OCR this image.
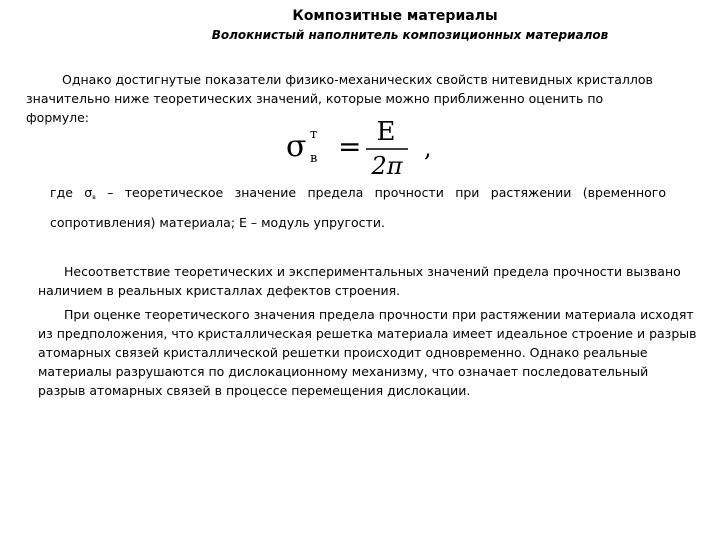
Композитные материалы
Волокнистый наполнитель композиционных материалов

Однако достигнутые показатели физико-механических свойств нитевидных кристаллов значительно ниже теоретических значений, которые можно приближенно оценить по формуле:

σ т
в = E
2π
,

где $\sigma_в$ – теоретическое значение предела прочности при растяжении (временного сопротивления) материала; Е – модуль упругости.

Несоответствие теоретических и экспериментальных значений предела прочности вызвано наличием в реальных кристаллах дефектов строения.

При оценке теоретического значения предела прочности при растяжении материала исходят из предположения, что кристаллическая решетка материала имеет идеальное строение и разрыв атомарных связей кристаллической решетки происходит одновременно. Однако реальные материалы разрушаются по дислокационному механизму, что означает последовательный разрыв атомарных связей в процессе перемещения дислокации.
